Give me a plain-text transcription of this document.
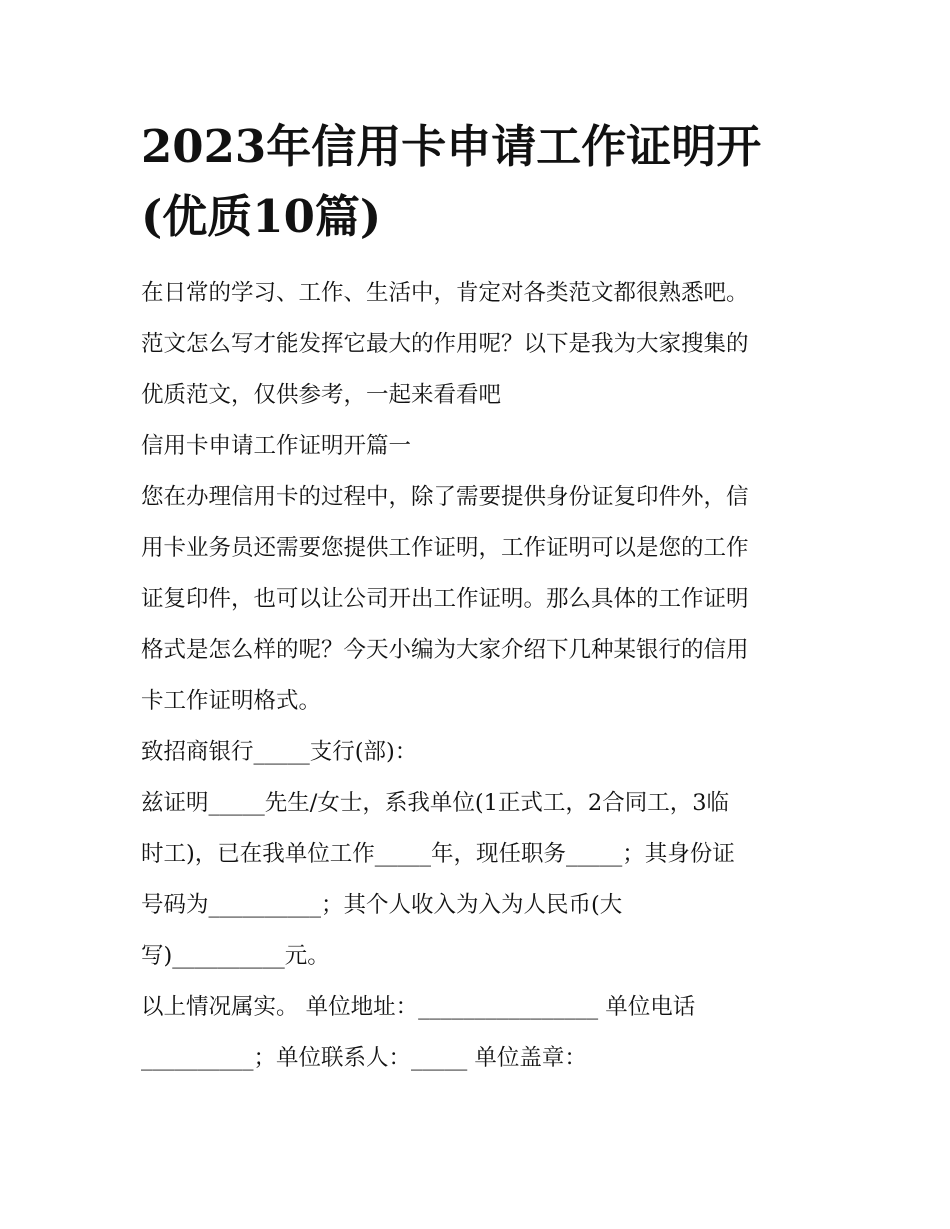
2023年信用卡申请工作证明开
(优质10篇)
在日常的学习、工作、生活中，肯定对各类范文都很熟悉吧。
范文怎么写才能发挥它最大的作用呢？以下是我为大家搜集的
优质范文，仅供参考，一起来看看吧
信用卡申请工作证明开篇一
您在办理信用卡的过程中，除了需要提供身份证复印件外，信
用卡业务员还需要您提供工作证明，工作证明可以是您的工作
证复印件，也可以让公司开出工作证明。那么具体的工作证明
格式是怎么样的呢？今天小编为大家介绍下几种某银行的信用
卡工作证明格式。
致招商银行_____支行(部)：
兹证明_____先生/女士，系我单位(1正式工，2合同工，3临
时工)，已在我单位工作_____年，现任职务_____；其身份证
号码为__________；其个人收入为入为人民币(大
写)__________元。
以上情况属实。 单位地址：________________ 单位电话
__________；单位联系人：_____ 单位盖章：
